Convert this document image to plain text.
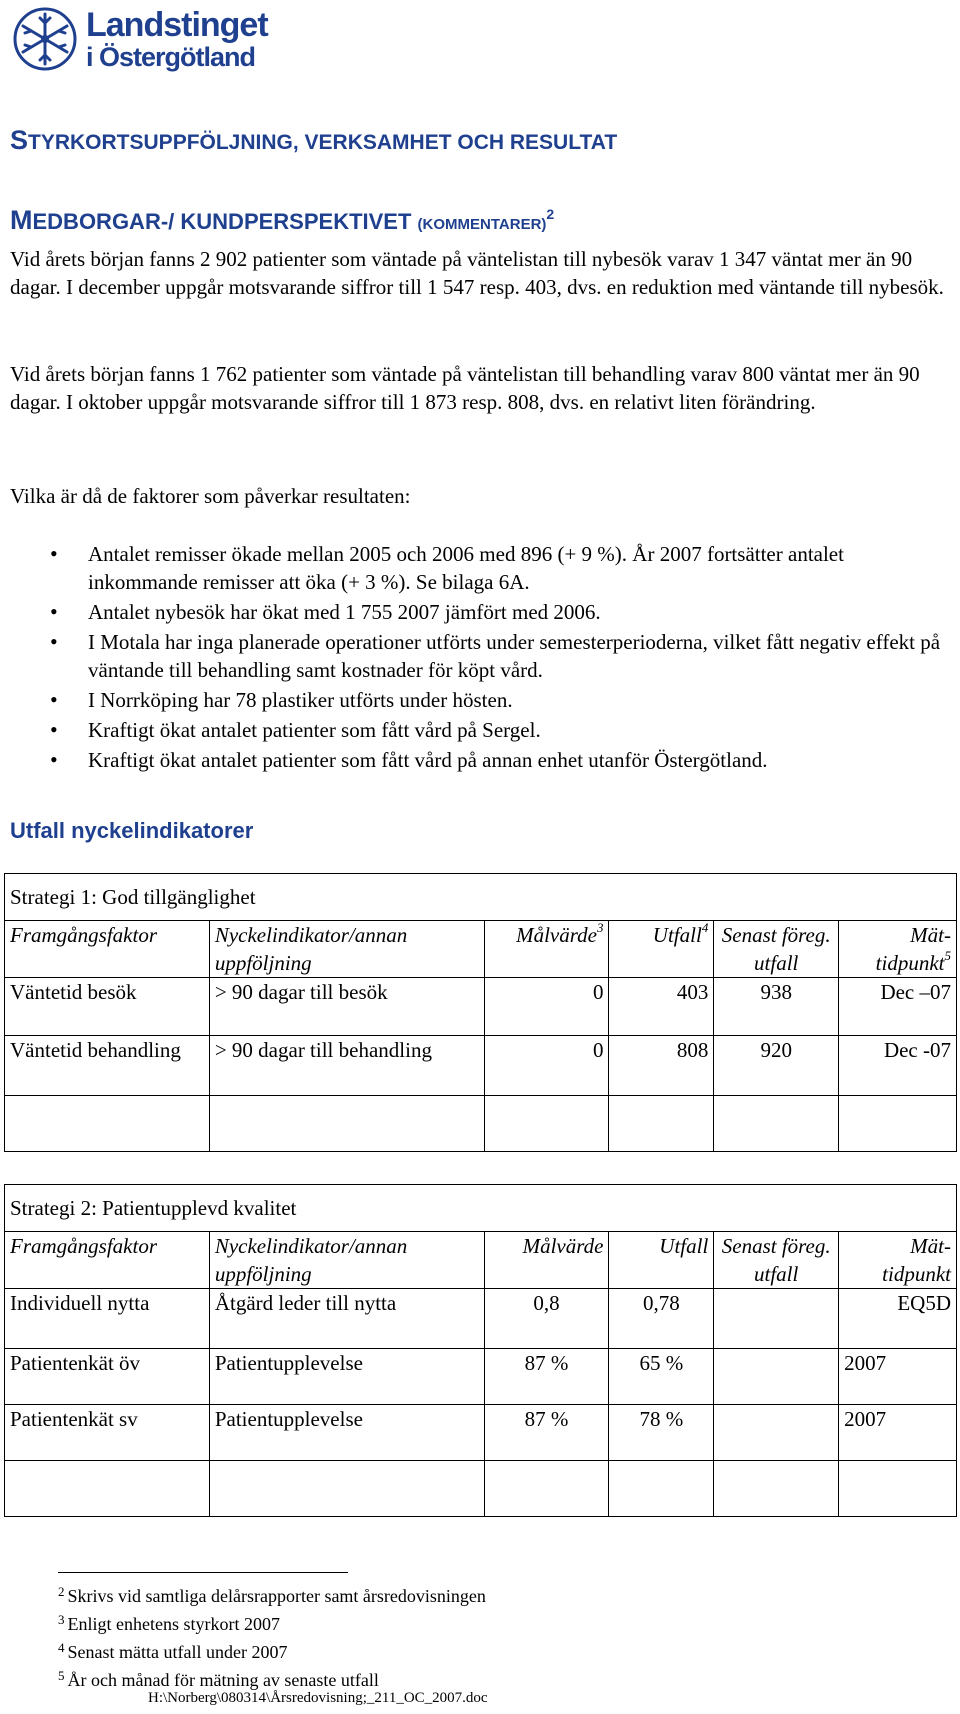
Landstinget
i Östergötland
STYRKORTSUPPFÖLJNING, VERKSAMHET OCH RESULTAT
MEDBORGAR-/ KUNDPERSPEKTIVET (KOMMENTARER)$^2$

Vid årets början fanns 2 902 patienter som väntade på väntelistan till nybesök varav 1 347 väntat mer än 90 dagar. I december uppgår motsvarande siffror till 1 547 resp. 403, dvs. en reduktion med väntande till nybesök.

Vid årets början fanns 1 762 patienter som väntade på väntelistan till behandling varav 800 väntat mer än 90 dagar. I oktober uppgår motsvarande siffror till 1 873 resp. 808, dvs. en relativt liten förändring.

Vilka är då de faktorer som påverkar resultaten:

• Antalet remisser ökade mellan 2005 och 2006 med 896 (+ 9 %). År 2007 fortsätter antalet inkommande remisser att öka (+ 3 %). Se bilaga 6A.
• Antalet nybesök har ökat med 1 755 2007 jämfört med 2006.
• I Motala har inga planerade operationer utförts under semesterperioderna, vilket fått negativ effekt på väntande till behandling samt kostnader för köpt vård.
• I Norrköping har 78 plastiker utförts under hösten.
• Kraftigt ökat antalet patienter som fått vård på Sergel.
• Kraftigt ökat antalet patienter som fått vård på annan enhet utanför Östergötland.
Utfall nyckelindikatorer
Strategi 1: God tillgänglighet					
Framgångsfaktor	Nyckelindikator/annan uppföljning	Målvärde$^3$	Utfall$^4$	Senast föreg. utfall	Mät-tidpunkt$^5$
Väntetid besök	> 90 dagar till besök	0	403	938	Dec –07
Väntetid behandling	> 90 dagar till behandling	0	808	920	Dec -07

Strategi 2: Patientupplevd kvalitet					
Framgångsfaktor	Nyckelindikator/annan uppföljning	Målvärde	Utfall	Senast föreg. utfall	Mät-tidpunkt
Individuell nytta	Åtgärd leder till nytta	0,8	0,78		EQ5D
Patientenkät öv	Patientupplevelse	87 %	65 %		2007
Patientenkät sv	Patientupplevelse	87 %	78 %		2007

$^2$ Skrivs vid samtliga delårsrapporter samt årsredovisningen
$^3$ Enligt enhetens styrkort 2007
$^4$ Senast mätta utfall under 2007
$^5$ År och månad för mätning av senaste utfall
H:\Norberg\080314\Årsredovisning;_211_OC_2007.doc
